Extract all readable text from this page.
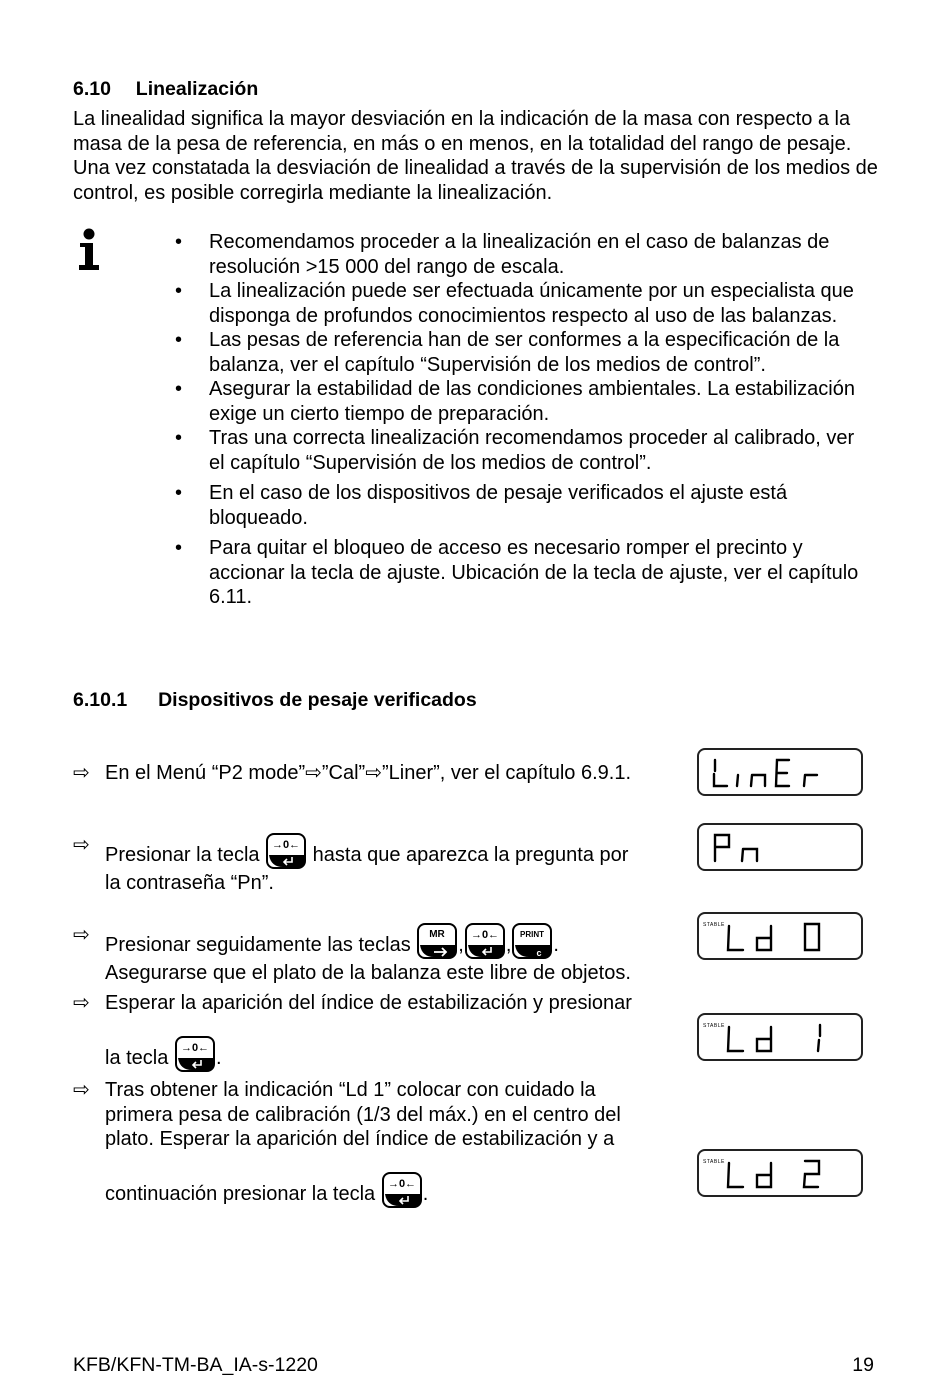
6.10 Linealización

La linealidad significa la mayor desviación en la indicación de la masa con respecto a la masa de la pesa de referencia, en más o en menos, en la totalidad del rango de pesaje. Una vez constatada la desviación de linealidad a través de la supervisión de los medios de control, es posible corregirla mediante la linealización.

• Recomendamos proceder a la linealización en el caso de balanzas de resolución >15 000 del rango de escala.
• La linealización puede ser efectuada únicamente por un especialista que disponga de profundos conocimientos respecto al uso de las balanzas.
• Las pesas de referencia han de ser conformes a la especificación de la balanza, ver el capítulo “Supervisión de los medios de control”.
• Asegurar la estabilidad de las condiciones ambientales. La estabilización exige un cierto tiempo de preparación.
• Tras una correcta linealización recomendamos proceder al calibrado, ver el capítulo “Supervisión de los medios de control”.
• En el caso de los dispositivos de pesaje verificados el ajuste está bloqueado.
• Para quitar el bloqueo de acceso es necesario romper el precinto y accionar la tecla de ajuste. Ubicación de la tecla de ajuste, ver el capítulo 6.11.
6.10.1 Dispositivos de pesaje verificados
⇨ En el Menú “P2 mode”⇨”Cal”⇨”Liner”, ver el capítulo 6.9.1.
⇨ Presionar la tecla →0← hasta que aparezca la pregunta por
la contraseña “Pn”.
⇨ Presionar seguidamente las teclas MR , →0← , PRINT
c .
Asegurarse que el plato de la balanza este libre de objetos.
⇨ Esperar la aparición del índice de estabilización y presionar

la tecla →0← .
⇨ Tras obtener la indicación “Ld 1” colocar con cuidado la
primera pesa de calibración (1/3 del máx.) en el centro del
plato. Esperar la aparición del índice de estabilización y a

continuación presionar la tecla →0← .
STABLE
STABLE
STABLE
KFB/KFN-TM-BA_IA-s-1220	19
